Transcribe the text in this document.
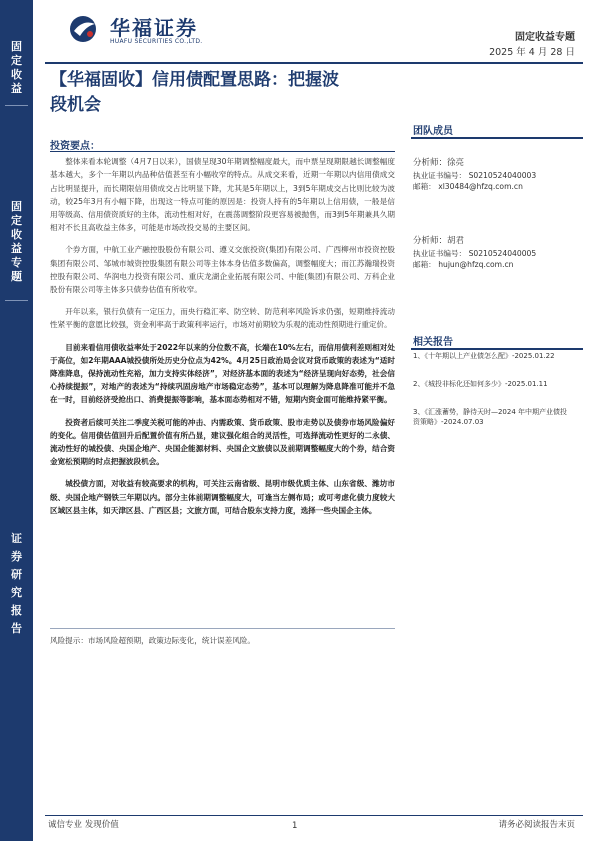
固
定
收
益
固
定
收
益
专
题
证
券
研
究
报
告
华福证券
HUAFU SECURITIES CO.,LTD.	固定收益专题
2025 年 4 月 28 日
【华福固收】信用债配置思路：把握波段机会

投资要点：

整体来看本轮调整（4月7日以来），国债呈现30年期调整幅度最大，而中票呈现期限越长调整幅度基本越大，多个一年期以内品种估值甚至有小幅收窄的特点。从成交来看，近期一年期以内信用债成交占比明显提升，而长期限信用债成交占比明显下降，尤其是5年期以上，3到5年期成交占比则比较为波动，较25年3月有小幅下降，出现这一特点可能的原因是：投资人持有的5年期以上信用债，一般是信用等级高、信用债资质好的主体，流动性相对好，在震荡调整阶段更容易被抛售，而3到5年期兼具久期相对不长且高收益主体多，可能是市场改投交易的主要区间。

个券方面，中航工业产融控股股份有限公司、遵义交旅投资(集团)有限公司、广西柳州市投资控股集团有限公司、邹城市城资控股集团有限公司等主体本身估值多数偏高，调整幅度大；而江苏瀚瑞投资控股有限公司、华润电力投资有限公司、重庆龙湖企业拓展有限公司、中能(集团)有限公司、万科企业股份有限公司等主体多只债券估值有所收窄。

开年以来，银行负债有一定压力，而央行稳汇率、防空转、防范利率风险诉求仍强，短期维持流动性紧平衡的意愿比较强，资金利率高于政策利率运行，市场对前期较为乐观的流动性预期进行重定价。

目前来看信用债收益率处于2022年以来的分位数不高，长端在10%左右，而信用债利差则相对处于高位，如2年期AAA城投债所处历史分位点为42%。4月25日政治局会议对货币政策的表述为“适时降准降息，保持流动性充裕，加力支持实体经济”，对经济基本面的表述为“经济呈现向好态势，社会信心持续提振”，对地产的表述为“持续巩固房地产市场稳定态势”，基本可以理解为降息降准可能并不急在一时，目前经济受抢出口、消费提振等影响，基本面态势相对不错，短期内资金面可能维持紧平衡。

投资者后续可关注二季度关税可能的冲击、内需政策、货币政策、股市走势以及债券市场风险偏好的变化。信用债估值回升后配置价值有所凸显，建议强化组合的灵活性，可选择流动性更好的二永债、流动性好的城投债、央国企地产、央国企能源材料、央国企文旅债以及前期调整幅度大的个券，结合资金宽松预期的时点把握波段机会。

城投债方面，对收益有较高要求的机构，可关注云南省级、昆明市级优质主体、山东省级、潍坊市级、央国企地产钢铁三年期以内。部分主体前期调整幅度大，可逢当左侧布局；或可考虑化债力度较大区域区县主体，如天津区县、广西区县；文旅方面，可结合股东支持力度，选择一些央国企主体。

风险提示：市场风险超预期，政策边际变化，统计误差风险。
团队成员
分析师：徐亮
执业证书编号： S0210524040003
邮箱： xl30484@hfzq.com.cn
分析师：胡君
执业证书编号： S0210524040005
邮箱： hujun@hfzq.com.cn
相关报告
1、《十年期以上产业债怎么配》-2025.01.22
2、《城投非标化还如何多少》-2025.01.11
3、《汇涨蓄势，静待天时—2024 年中期产业债投资策略》-2024.07.03
诚信专业 发现价值	1	请务必阅读报告末页
